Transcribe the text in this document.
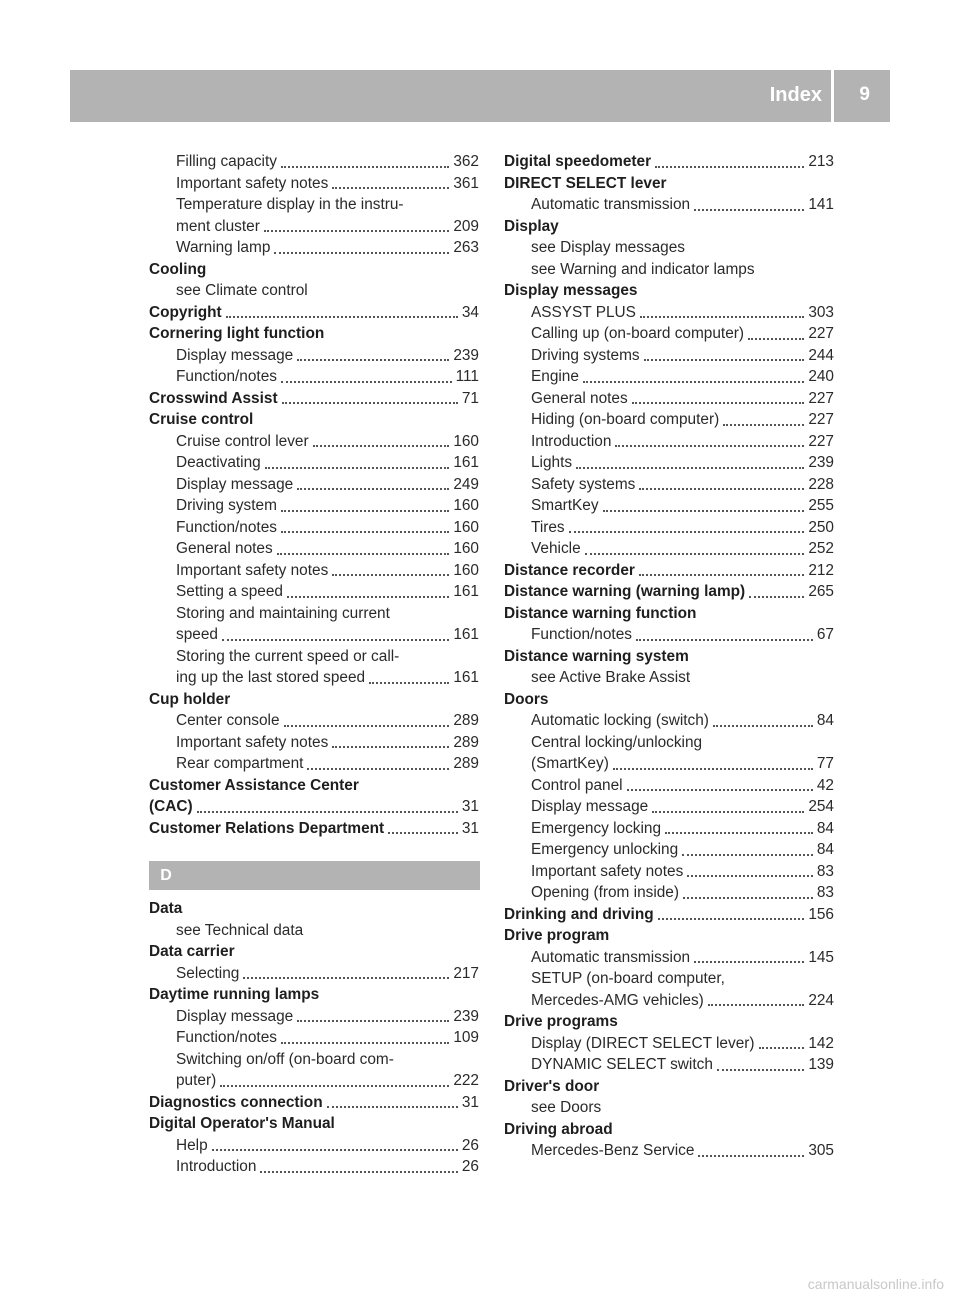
Index 9
Filling capacity	362
Important safety notes	361
Temperature display in the instru-
ment cluster	209
Warning lamp	263
Cooling
see Climate control
Copyright	34
Cornering light function
Display message	239
Function/notes	111
Crosswind Assist	71
Cruise control
Cruise control lever	160
Deactivating	161
Display message	249
Driving system	160
Function/notes	160
General notes	160
Important safety notes	160
Setting a speed	161
Storing and maintaining current
speed	161
Storing the current speed or call-
ing up the last stored speed	161
Cup holder
Center console	289
Important safety notes	289
Rear compartment	289
Customer Assistance Center
(CAC)	31
Customer Relations Department	31
D
Data
see Technical data
Data carrier
Selecting	217
Daytime running lamps
Display message	239
Function/notes	109
Switching on/off (on-board com-
puter)	222
Diagnostics connection	31
Digital Operator's Manual
Help	26
Introduction	26
Digital speedometer	213
DIRECT SELECT lever
Automatic transmission	141
Display
see Display messages
see Warning and indicator lamps
Display messages
ASSYST PLUS	303
Calling up (on-board computer)	227
Driving systems	244
Engine	240
General notes	227
Hiding (on-board computer)	227
Introduction	227
Lights	239
Safety systems	228
SmartKey	255
Tires	250
Vehicle	252
Distance recorder	212
Distance warning (warning lamp)	265
Distance warning function
Function/notes	67
Distance warning system
see Active Brake Assist
Doors
Automatic locking (switch)	84
Central locking/unlocking
(SmartKey)	77
Control panel	42
Display message	254
Emergency locking	84
Emergency unlocking	84
Important safety notes	83
Opening (from inside)	83
Drinking and driving	156
Drive program
Automatic transmission	145
SETUP (on-board computer,
Mercedes-AMG vehicles)	224
Drive programs
Display (DIRECT SELECT lever)	142
DYNAMIC SELECT switch	139
Driver's door
see Doors
Driving abroad
Mercedes-Benz Service	305
carmanualsonline.info
